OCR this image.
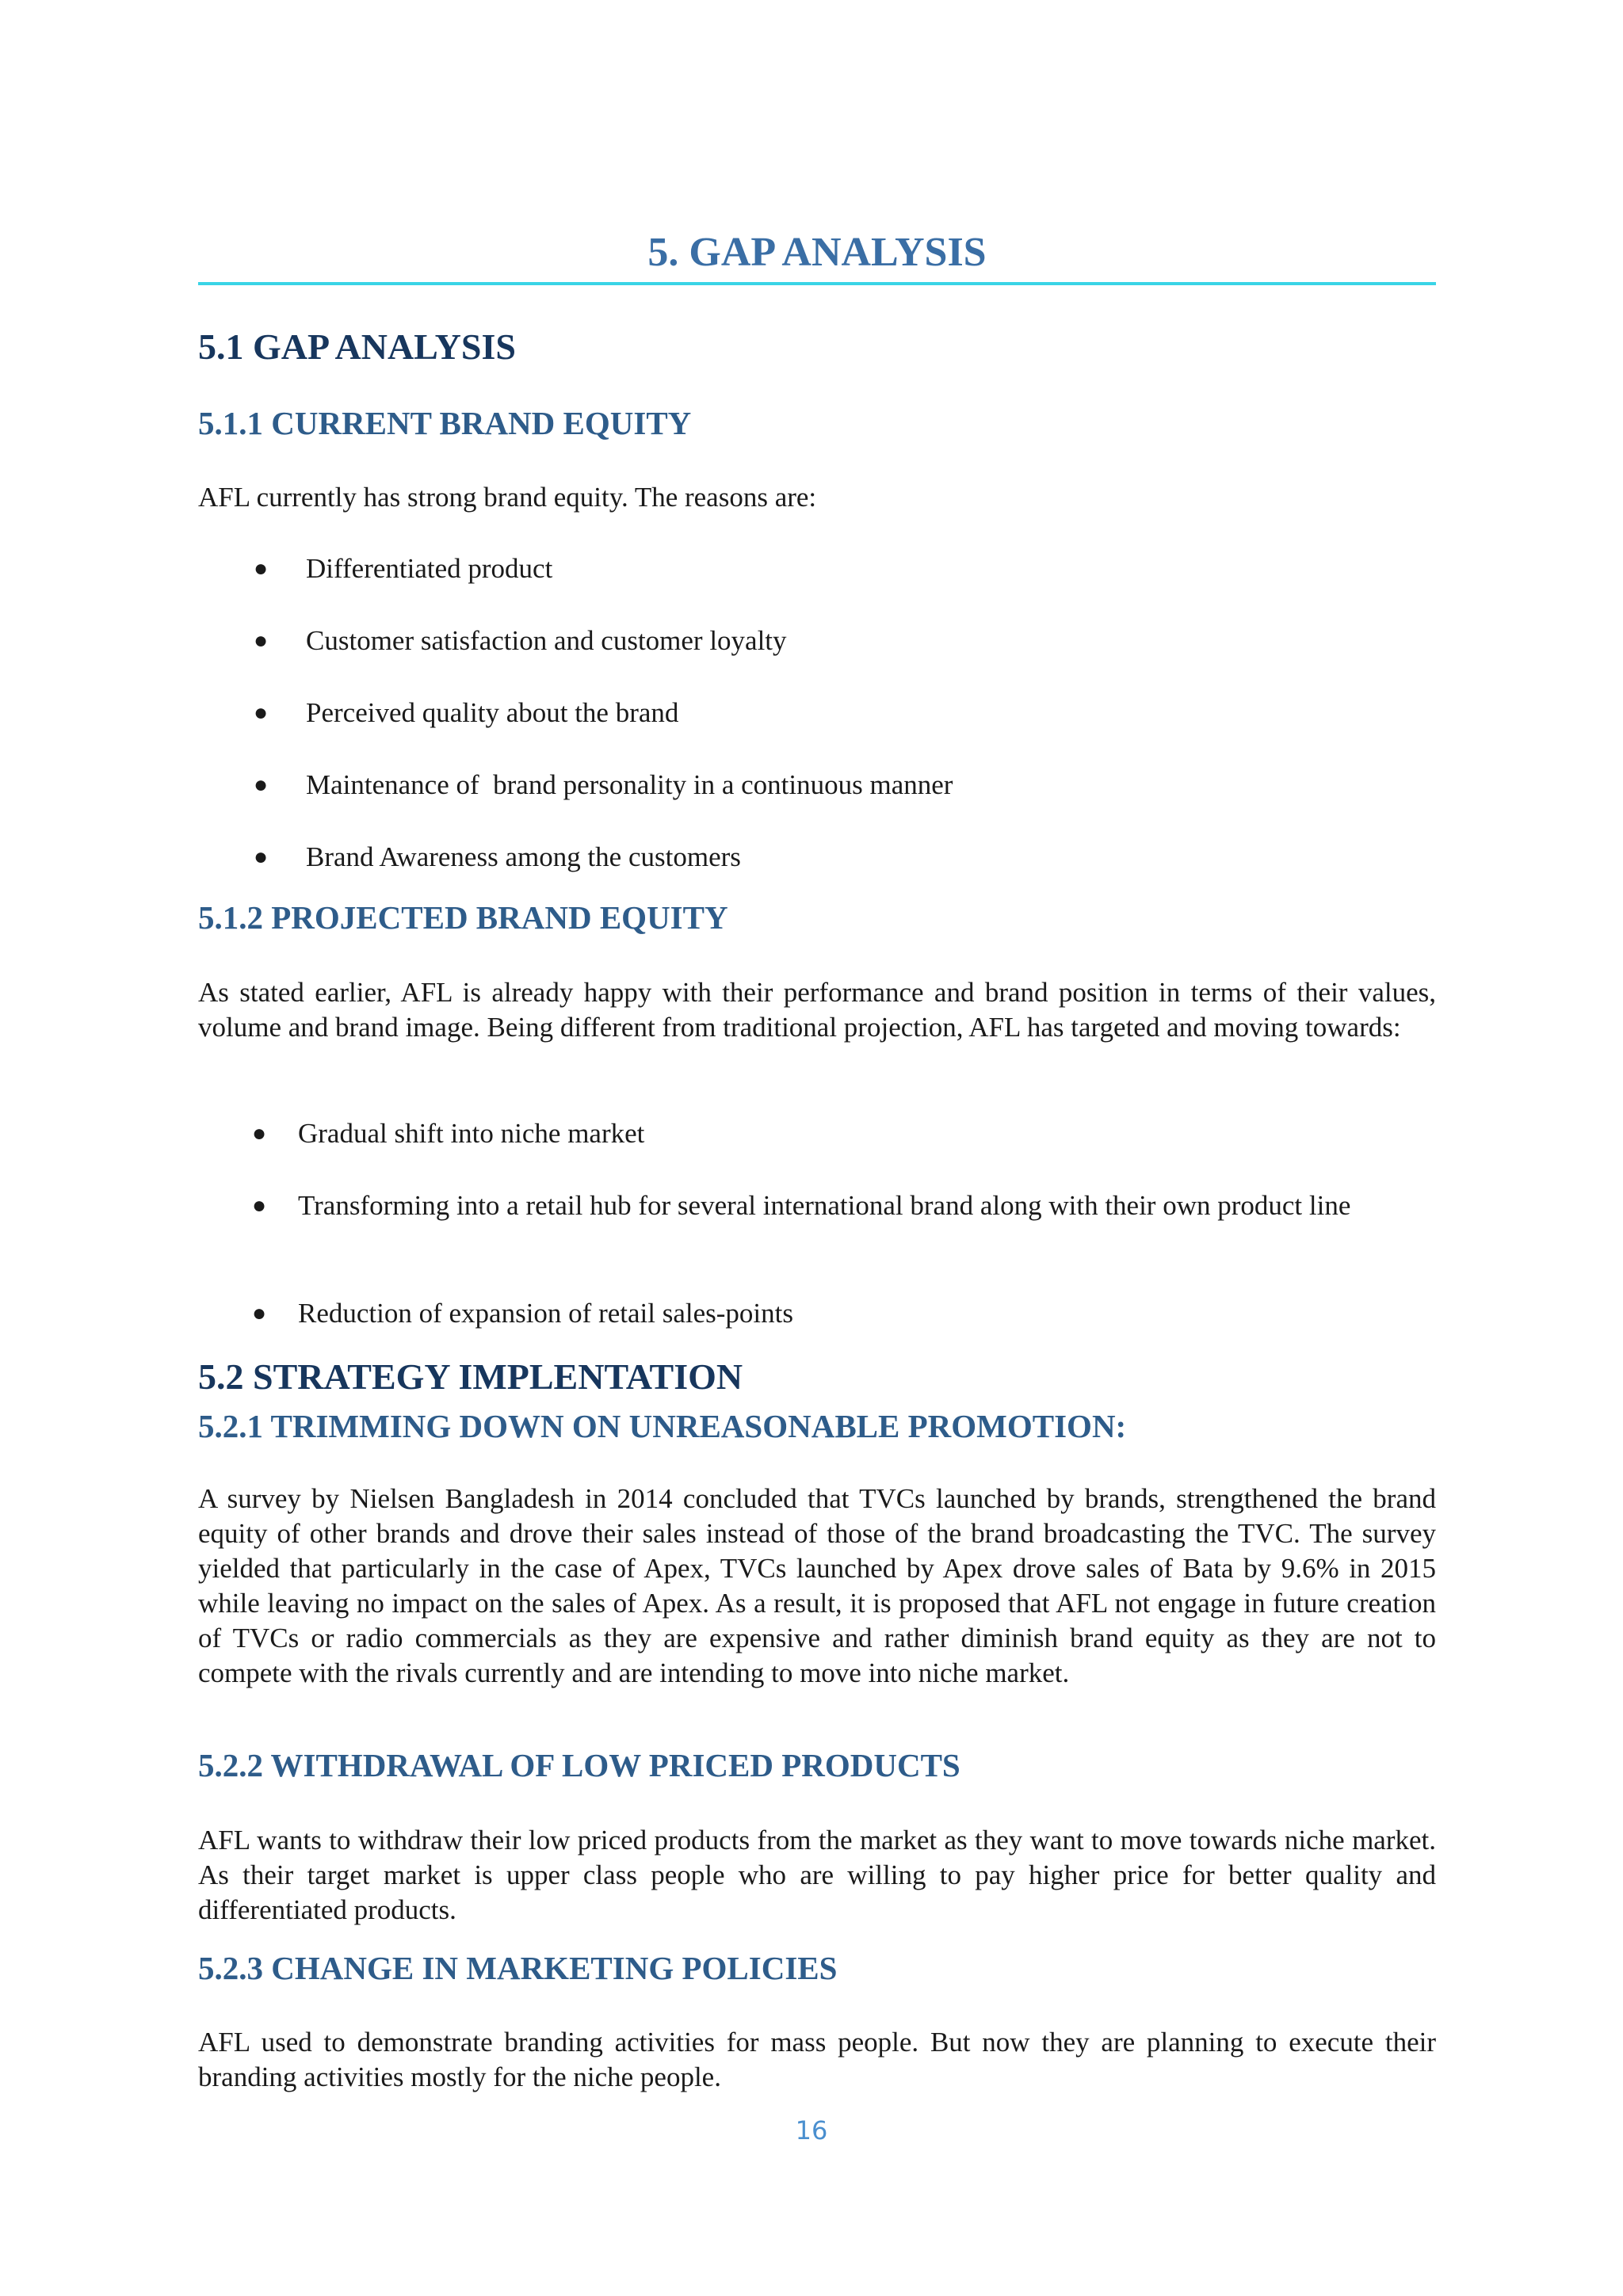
5. GAP ANALYSIS
5.1 GAP ANALYSIS
5.1.1 CURRENT BRAND EQUITY

AFL currently has strong brand equity. The reasons are:

● Differentiated product
● Customer satisfaction and customer loyalty
● Perceived quality about the brand
● Maintenance of  brand personality in a continuous manner
● Brand Awareness among the customers
5.1.2 PROJECTED BRAND EQUITY

As stated earlier, AFL is already happy with their performance and brand position in terms of their values, volume and brand image. Being different from traditional projection, AFL has targeted and moving towards:

● Gradual shift into niche market
● Transforming into a retail hub for several international brand along with their own product line
● Reduction of expansion of retail sales-points
5.2 STRATEGY IMPLENTATION
5.2.1 TRIMMING DOWN ON UNREASONABLE PROMOTION:

A survey by Nielsen Bangladesh in 2014 concluded that TVCs launched by brands, strengthened the brand equity of other brands and drove their sales instead of those of the brand broadcasting the TVC. The survey yielded that particularly in the case of Apex, TVCs launched by Apex drove sales of Bata by 9.6% in 2015 while leaving no impact on the sales of Apex. As a result, it is proposed that AFL not engage in future creation of TVCs or radio commercials as they are expensive and rather diminish brand equity as they are not to compete with the rivals currently and are intending to move into niche market.

5.2.2 WITHDRAWAL OF LOW PRICED PRODUCTS

AFL wants to withdraw their low priced products from the market as they want to move towards niche market. As their target market is upper class people who are willing to pay higher price for better quality and differentiated products.

5.2.3 CHANGE IN MARKETING POLICIES

AFL used to demonstrate branding activities for mass people. But now they are planning to execute their branding activities mostly for the niche people.

16
